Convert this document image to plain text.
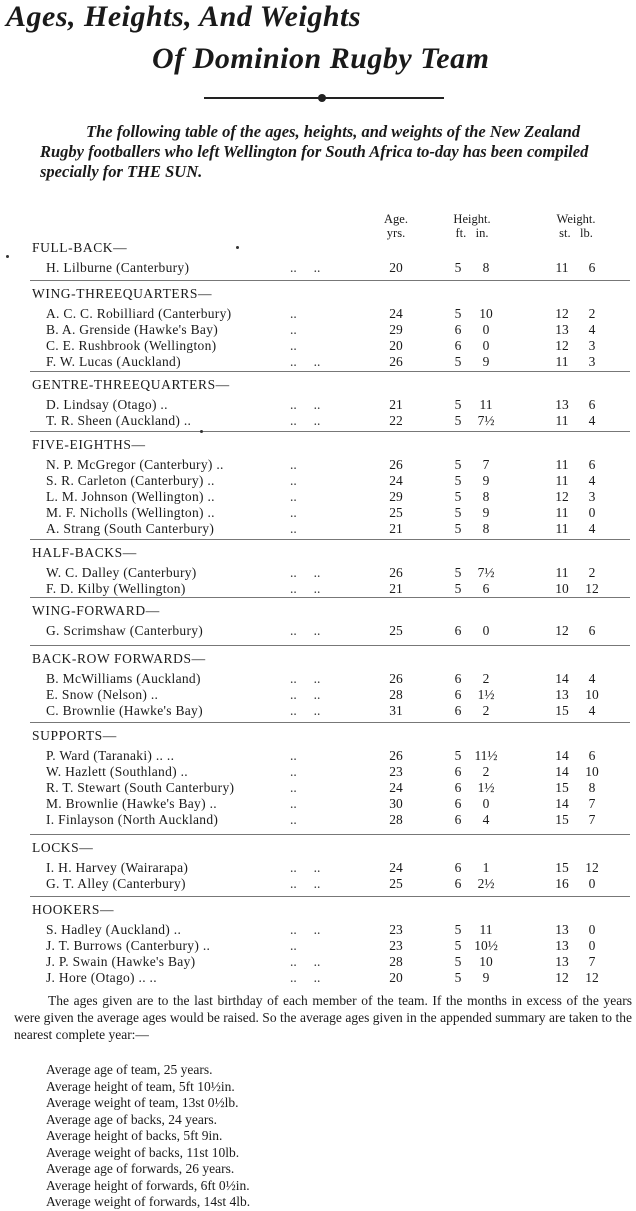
Ages, Heights, And Weights
Of Dominion Rugby Team

The following table of the ages, heights, and weights of the New Zealand Rugby footballers who left Wellington for South Africa to-day has been compiled specially for THE SUN.

Age.
yrs.
Height.
ft.   in.
Weight.
st.   lb.
FULL-BACK—
H. Lilburne (Canterbury)	..     ..	20	5	8	11	6
WING-THREEQUARTERS—
A. C. C. Robilliard (Canterbury)	..	24	5	10	12	2
B. A. Grenside (Hawke's Bay)	..	29	6	0	13	4
C. E. Rushbrook (Wellington)	..	20	6	0	12	3
F. W. Lucas (Auckland)	..     ..	26	5	9	11	3
GENTRE-THREEQUARTERS—
D. Lindsay (Otago) ..	..     ..	21	5	11	13	6
T. R. Sheen (Auckland) ..	..     ..	22	5 7½	11	4
FIVE-EIGHTHS—
N. P. McGregor (Canterbury) ..	..	26	5	7	11	6
S. R. Carleton (Canterbury) ..	..	24	5	9	11	4
L. M. Johnson (Wellington) ..	..	29	5	8	12	3
M. F. Nicholls (Wellington) ..	..	25	5	9	11	0
A. Strang (South Canterbury)	..	21	5	8	11	4
HALF-BACKS—
W. C. Dalley (Canterbury)	..     ..	26	5 7½	11	2
F. D. Kilby (Wellington)	..     ..	21	5	6	10	12
WING-FORWARD—
G. Scrimshaw (Canterbury)	..     ..	25	6	0	12	6
BACK-ROW FORWARDS—
B. McWilliams (Auckland)	..     ..	26	6	2	14	4
E. Snow (Nelson) ..	..     ..	28	6 1½	13	10
C. Brownlie (Hawke's Bay)	..     ..	31	6	2	15	4
SUPPORTS—
P. Ward (Taranaki) .. ..	..	26	5 11½	14	6
W. Hazlett (Southland) ..	..	23	6	2	14	10
R. T. Stewart (South Canterbury)	..	24	6 1½	15	8
M. Brownlie (Hawke's Bay) ..	..	30	6	0	14	7
I. Finlayson (North Auckland)	..	28	6	4	15	7
LOCKS—
I. H. Harvey (Wairarapa)	..     ..	24	6	1	15	12
G. T. Alley (Canterbury)	..     ..	25	6 2½	16	0
HOOKERS—
S. Hadley (Auckland) ..	..     ..	23	5	11	13	0
J. T. Burrows (Canterbury) ..	..	23	5 10½	13	0
J. P. Swain (Hawke's Bay)	..     ..	28	5	10	13	7
J. Hore (Otago) .. ..	..     ..	20	5	9	12	12

The ages given are to the last birthday of each member of the team. If the months in excess of the years were given the average ages would be raised. So the average ages given in the appended summary are taken to the nearest complete year:—

Average age of team, 25 years.
Average height of team, 5ft 10½in.
Average weight of team, 13st 0½lb.
Average age of backs, 24 years.
Average height of backs, 5ft 9in.
Average weight of backs, 11st 10lb.
Average age of forwards, 26 years.
Average height of forwards, 6ft 0½in.
Average weight of forwards, 14st 4lb.
